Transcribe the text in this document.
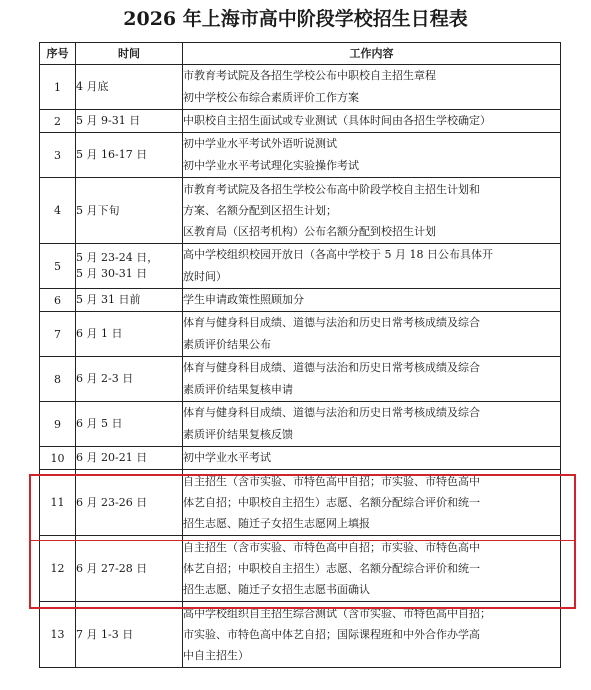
2026 年上海市高中阶段学校招生日程表
序号	时间	工作内容
1	4 月底	市教育考试院及各招生学校公布中职校自主招生章程
初中学校公布综合素质评价工作方案

2	5 月 9-31 日	中职校自主招生面试或专业测试（具体时间由各招生学校确定）

3	5 月 16-17 日	初中学业水平考试外语听说测试
初中学业水平考试理化实验操作考试

4	5 月下旬	市教育考试院及各招生学校公布高中阶段学校自主招生计划和
方案、名额分配到区招生计划；
区教育局（区招考机构）公布名额分配到校招生计划

5	5 月 23-24 日，
5 月 30-31 日	高中学校组织校园开放日（各高中学校于 5 月 18 日公布具体开
放时间）

6	5 月 31 日前	学生申请政策性照顾加分

7	6 月 1 日	体育与健身科目成绩、道德与法治和历史日常考核成绩及综合
素质评价结果公布

8	6 月 2-3 日	体育与健身科目成绩、道德与法治和历史日常考核成绩及综合
素质评价结果复核申请

9	6 月 5 日	体育与健身科目成绩、道德与法治和历史日常考核成绩及综合
素质评价结果复核反馈

10	6 月 20-21 日	初中学业水平考试

11	6 月 23-26 日	自主招生（含市实验、市特色高中自招；市实验、市特色高中
体艺自招；中职校自主招生）志愿、名额分配综合评价和统一
招生志愿、随迁子女招生志愿网上填报

12	6 月 27-28 日	自主招生（含市实验、市特色高中自招；市实验、市特色高中
体艺自招；中职校自主招生）志愿、名额分配综合评价和统一
招生志愿、随迁子女招生志愿书面确认

13	7 月 1-3 日	高中学校组织自主招生综合测试（含市实验、市特色高中自招；
市实验、市特色高中体艺自招；国际课程班和中外合作办学高
中自主招生）
